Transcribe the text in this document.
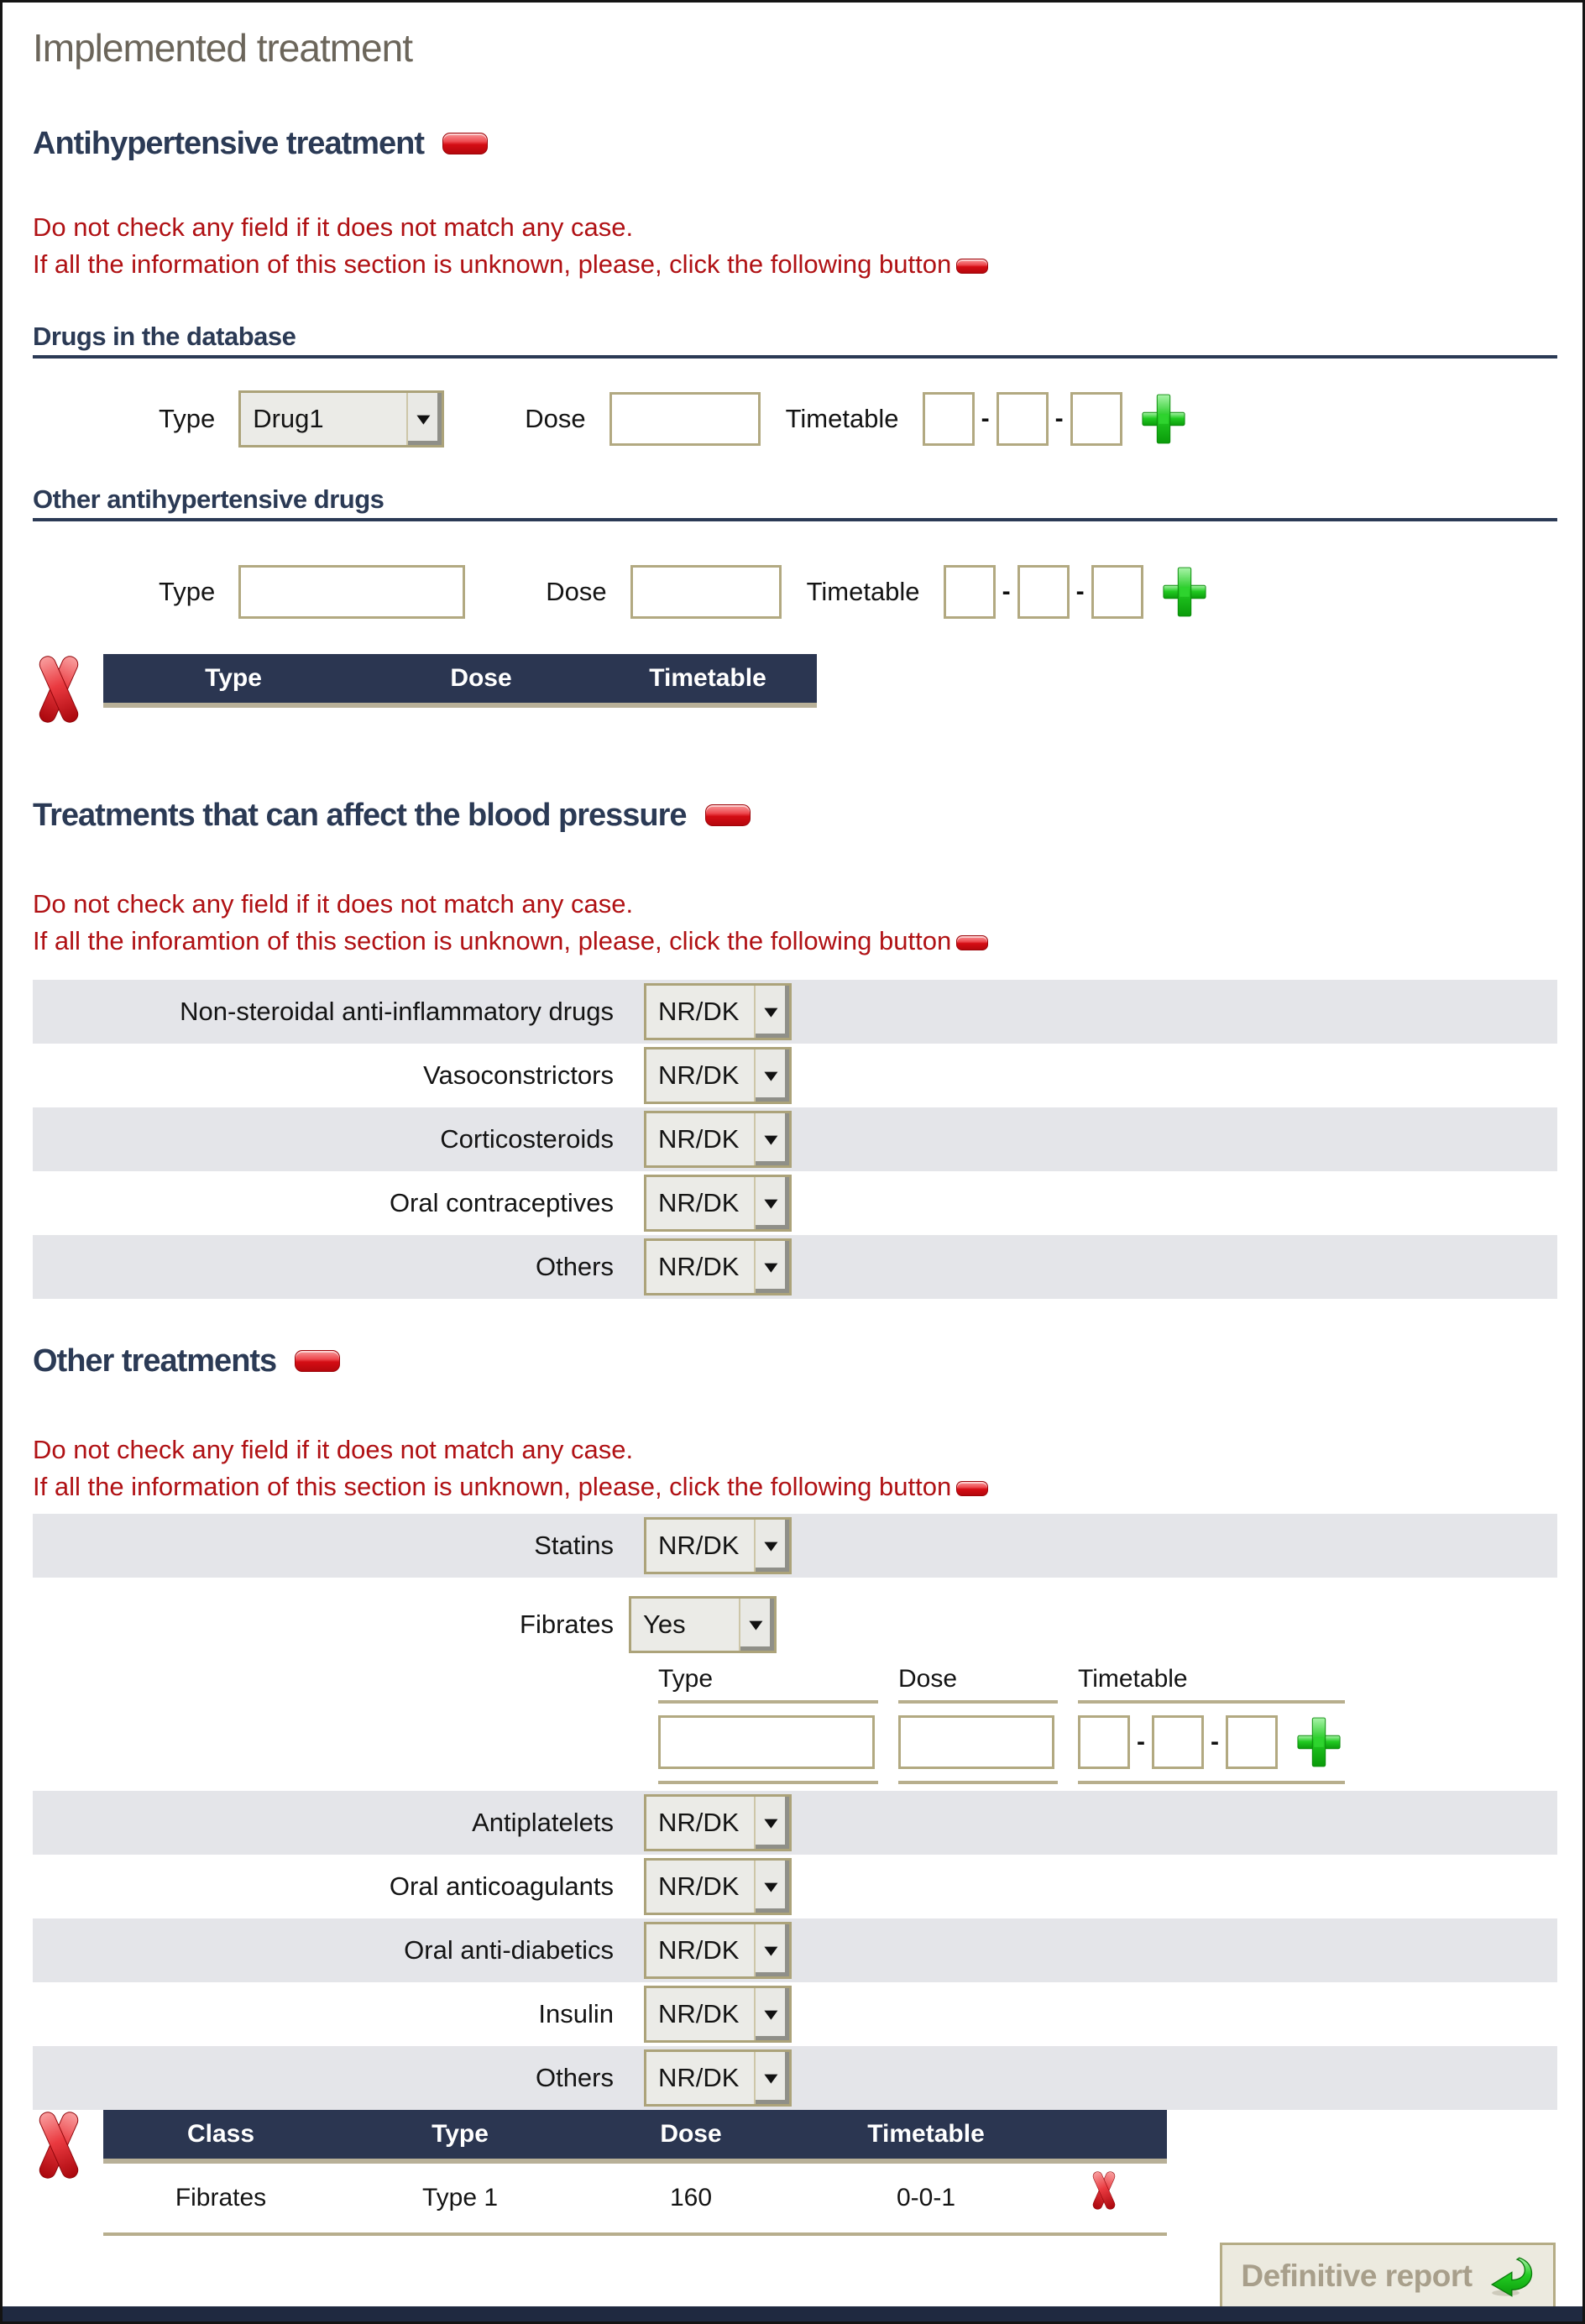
Implemented treatment
Antihypertensive treatment
Do not check any field if it does not match any case.
If all the information of this section is unknown, please, click the following button
Drugs in the database
Type	Drug1	Dose	Timetable	-	-
Other antihypertensive drugs
Type	Dose	Timetable	-	-
Type	Dose	Timetable
Treatments that can affect the blood pressure
Do not check any field if it does not match any case.
If all the inforamtion of this section is unknown, please, click the following button
Non-steroidal anti-inflammatory drugs	NR/DK
Vasoconstrictors	NR/DK
Corticosteroids	NR/DK
Oral contraceptives	NR/DK
Others	NR/DK
Other treatments
Do not check any field if it does not match any case.
If all the information of this section is unknown, please, click the following button
Statins	NR/DK
Fibrates	Yes
Type	Dose	Timetable
-	-
Antiplatelets	NR/DK
Oral anticoagulants	NR/DK
Oral anti-diabetics	NR/DK
Insulin	NR/DK
Others	NR/DK
Class	Type	Dose	Timetable
Fibrates	Type 1	160	0-0-1
Definitive report
